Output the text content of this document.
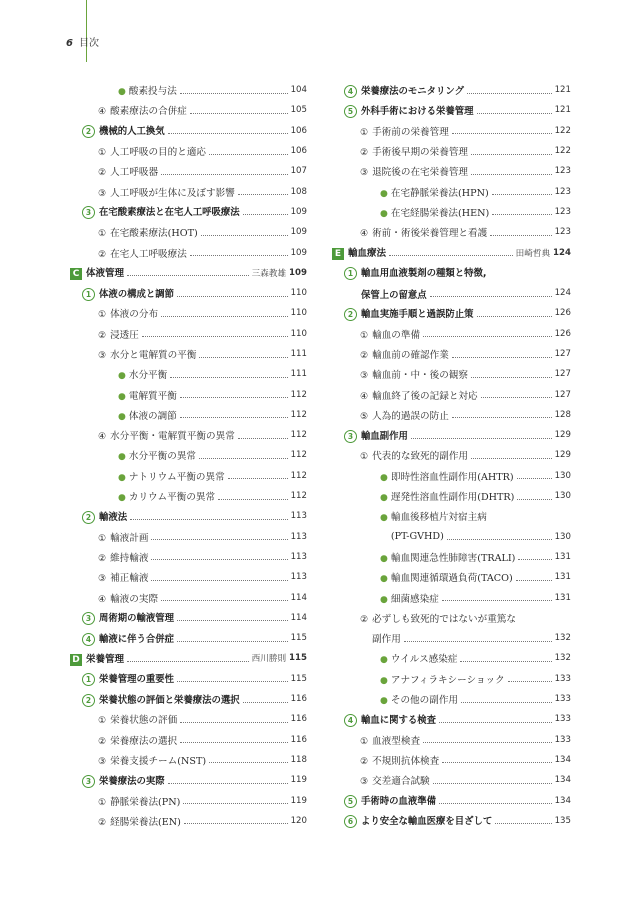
6 目次
● 酸素投与法	104
④ 酸素療法の合併症	105
2 機械的人工換気	106
① 人工呼吸の目的と適応	106
② 人工呼吸器	107
③ 人工呼吸が生体に及ぼす影響	108
3 在宅酸素療法と在宅人工呼吸療法	109
① 在宅酸素療法(HOT)	109
② 在宅人工呼吸療法	109
C 体液管理	三森教雄 109
1 体液の構成と調節	110
① 体液の分布	110
② 浸透圧	110
③ 水分と電解質の平衡	111
● 水分平衡	111
● 電解質平衡	112
● 体液の調節	112
④ 水分平衡・電解質平衡の異常	112
● 水分平衡の異常	112
● ナトリウム平衡の異常	112
● カリウム平衡の異常	112
2 輸液法	113
① 輸液計画	113
② 維持輸液	113
③ 補正輸液	113
④ 輸液の実際	114
3 周術期の輸液管理	114
4 輸液に伴う合併症	115
D 栄養管理	西川勝則 115
1 栄養管理の重要性	115
2 栄養状態の評価と栄養療法の選択	116
① 栄養状態の評価	116
② 栄養療法の選択	116
③ 栄養支援チーム(NST)	118
3 栄養療法の実際	119
① 静脈栄養法(PN)	119
② 経腸栄養法(EN)	120
4 栄養療法のモニタリング	121
5 外科手術における栄養管理	121
① 手術前の栄養管理	122
② 手術後早期の栄養管理	122
③ 退院後の在宅栄養管理	123
● 在宅静脈栄養法(HPN)	123
● 在宅経腸栄養法(HEN)	123
④ 術前・術後栄養管理と看護	123
E 輸血療法	田崎哲典 124
1 輸血用血液製剤の種類と特徴,
保管上の留意点	124
2 輸血実施手順と過誤防止策	126
① 輸血の準備	126
② 輸血前の確認作業	127
③ 輸血前・中・後の観察	127
④ 輸血終了後の記録と対応	127
⑤ 人為的過誤の防止	128
3 輸血副作用	129
① 代表的な致死的副作用	129
● 即時性溶血性副作用(AHTR)	130
● 遅発性溶血性副作用(DHTR)	130
● 輸血後移植片対宿主病
(PT-GVHD)	130
● 輸血関連急性肺障害(TRALI)	131
● 輸血関連循環過負荷(TACO)	131
● 細菌感染症	131
② 必ずしも致死的ではないが重篤な
副作用	132
● ウイルス感染症	132
● アナフィラキシーショック	133
● その他の副作用	133
4 輸血に関する検査	133
① 血液型検査	133
② 不規則抗体検査	134
③ 交差適合試験	134
5 手術時の血液準備	134
6 より安全な輸血医療を目ざして	135
